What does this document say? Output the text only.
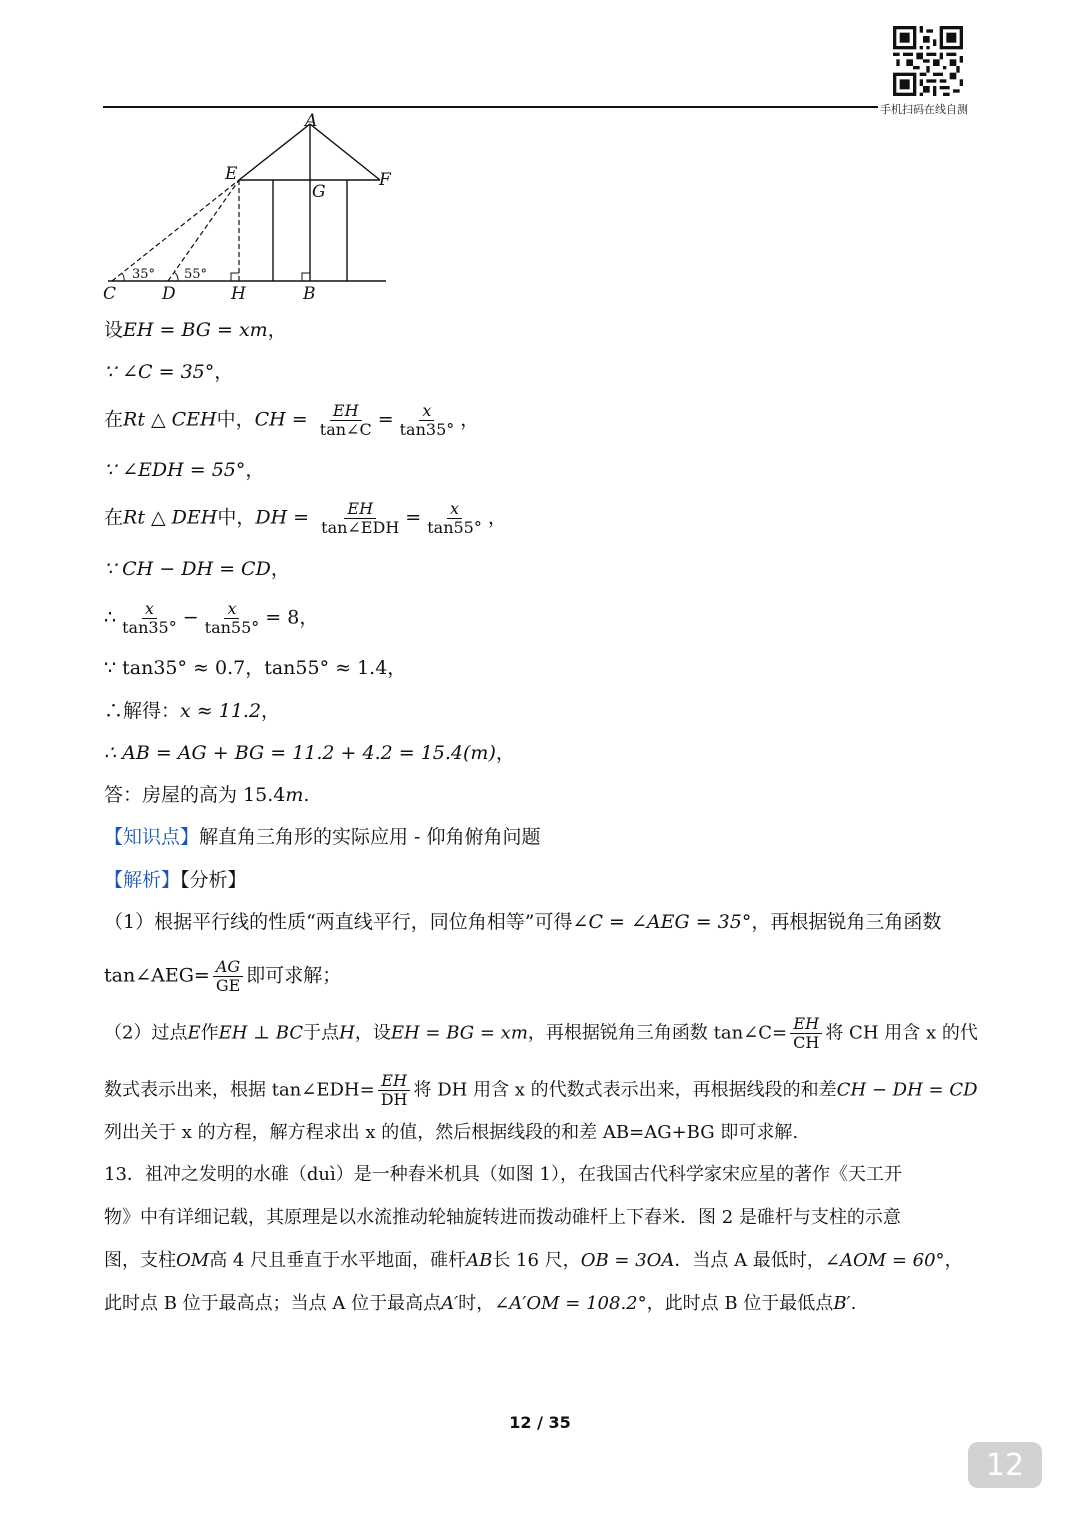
手机扫码在线自测
A
E	F
G
C	D	H	B
35° 55°
设EH = BG = xm，
∵ ∠C = 35°，
在Rt △ CEH中，CH = $\frac{EH}{\tan\angle C} = \frac{x}{\tan 35^\circ}$ ，
∵ ∠EDH = 55°，
在Rt △ DEH中，DH = $\frac{EH}{\text{tan∠EDH}} = \frac{x}{\tan 55^\circ}$ ，
∵ CH − DH = CD，
∴ $\frac{x}{\tan 35^\circ} - \frac{x}{\tan 55^\circ} = 8$，
∵ tan35° ≈ 0.7，tan55° ≈ 1.4，
∴解得：x ≈ 11.2，
∴ AB = AG + BG = 11.2 + 4.2 = 15.4(m)，
答：房屋的高为 15.4m.
【知识点】解直角三角形的实际应用 - 仰角俯角问题
【解析】【分析】
（1）根据平行线的性质“两直线平行，同位角相等”可得∠C = ∠AEG = 35°，再根据锐角三角函数
tan∠AEG= $\frac{AG}{GE}$ 即可求解；
（2）过点E作EH ⊥ BC于点H，设EH = BG = xm，再根据锐角三角函数 tan∠C= $\frac{EH}{CH}$ 将 CH 用含 x 的代
数式表示出来，根据 tan∠EDH= $\frac{EH}{DH}$ 将 DH 用含 x 的代数式表示出来，再根据线段的和差CH − DH = CD
列出关于 x 的方程，解方程求出 x 的值，然后根据线段的和差 AB=AG+BG 即可求解.
13．祖冲之发明的水碓（duì）是一种舂米机具（如图 1），在我国古代科学家宋应星的著作《天工开
物》中有详细记载，其原理是以水流推动轮轴旋转进而拨动碓杆上下舂米．图 2 是碓杆与支柱的示意
图，支柱OM高 4 尺且垂直于水平地面，碓杆AB长 16 尺，OB = 3OA．当点 A 最低时，∠AOM = 60°，
此时点 B 位于最高点；当点 A 位于最高点A′时，∠A′OM = 108.2°，此时点 B 位于最低点B′.
12 / 35
12
